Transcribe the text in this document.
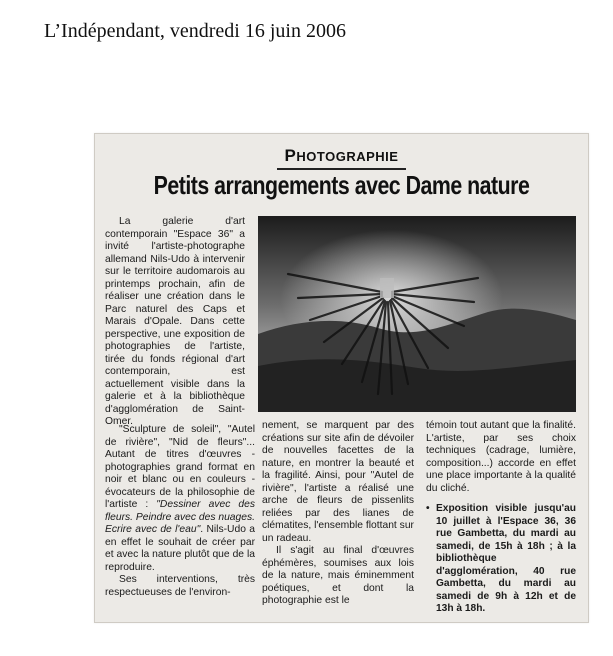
L’Indépendant, vendredi 16 juin 2006
PHOTOGRAPHIE
Petits arrangements avec Dame nature

La galerie d'art contemporain "Espace 36" a invité l'artiste-photographe allemand Nils-Udo à intervenir sur le territoire audomarois au printemps prochain, afin de réaliser une création dans le Parc naturel des Caps et Marais d'Opale. Dans cette perspective, une exposition de photographies de l'artiste, tirée du fonds régional d'art contemporain, est actuellement visible dans la galerie et à la bibliothèque d'agglomération de Saint-Omer.

"Sculpture de soleil", "Autel de rivière", "Nid de fleurs"... Autant de titres d'œuvres - photographies grand format en noir et blanc ou en couleurs - évocateurs de la philosophie de l'artiste : "Dessiner avec des fleurs. Peindre avec des nuages. Ecrire avec de l'eau". Nils-Udo a en effet le souhait de créer par et avec la nature plutôt que de la reproduire.

Ses interventions, très respectueuses de l'environ-

nement, se marquent par des créations sur site afin de dévoiler de nouvelles facettes de la nature, en montrer la beauté et la fragilité. Ainsi, pour "Autel de rivière", l'artiste a réalisé une arche de fleurs de pissenlits reliées par des lianes de clématites, l'ensemble flottant sur un radeau.

Il s'agit au final d'œuvres éphémères, soumises aux lois de la nature, mais éminemment poétiques, et dont la photographie est le

témoin tout autant que la finalité. L'artiste, par ses choix techniques (cadrage, lumière, composition...) accorde en effet une place importante à la qualité du cliché.

• Exposition visible jusqu'au 10 juillet à l'Espace 36, 36 rue Gambetta, du mardi au samedi, de 15h à 18h ; à la bibliothèque d'agglomération, 40 rue Gambetta, du mardi au samedi de 9h à 12h et de 13h à 18h.
